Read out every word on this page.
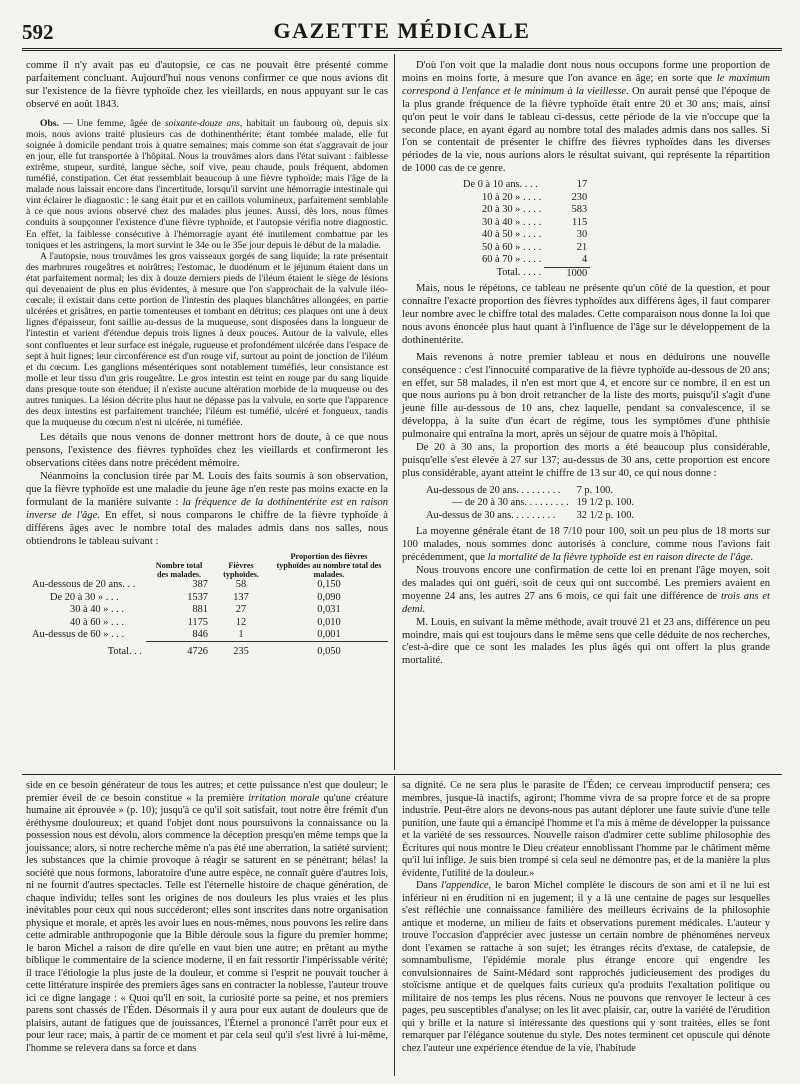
592	GAZETTE MÉDICALE

comme il n'y avait pas eu d'autopsie, ce cas ne pouvait être présenté comme parfaitement concluant. Aujourd'hui nous venons confirmer ce que nous avions dit sur l'existence de la fièvre typhoïde chez les vieillards, en nous appuyant sur le cas observé en août 1843.

Obs. — Une femme, âgée de soixante-douze ans, habitait un faubourg où, depuis six mois, nous avions traité plusieurs cas de dothinenthérite; étant tombée malade, elle fut soignée à domicile pendant trois à quatre semaines; mais comme son état s'aggravait de jour en jour, elle fut transportée à l'hôpital. Nous la trouvâmes alors dans l'état suivant : faiblesse extrême, stupeur, surdité, langue sèche, soif vive, peau chaude, pouls fréquent, abdomen tuméfié, constipation. Cet état ressemblait beaucoup à une fièvre typhoïde; mais l'âge de la malade nous laissait encore dans l'incertitude, lorsqu'il survint une hémorragie intestinale qui vint éclairer le diagnostic : le sang était pur et en caillots volumineux, parfaitement semblable à ce que nous avions observé chez des malades plus jeunes. Aussi, dès lors, nous fûmes conduits à soupçonner l'existence d'une fièvre typhoïde, et l'autopsie vérifia notre diagnostic. En effet, la faiblesse consécutive à l'hémorragie ayant été inutilement combattue par les toniques et les astringens, la mort survint le 34e ou le 35e jour depuis le début de la maladie.

A l'autopsie, nous trouvâmes les gros vaisseaux gorgés de sang liquide; la rate présentait des marbrures rougeâtres et noirâtres; l'estomac, le duodénum et le jéjunum étaient dans un état parfaitement normal; les dix à douze derniers pieds de l'iléum étaient le siège de lésions qui devenaient de plus en plus évidentes, à mesure que l'on s'approchait de la valvule iléo-cœcale; il existait dans cette portion de l'intestin des plaques blanchâtres allongées, en partie ulcérées et grisâtres, en partie tomenteuses et tombant en détritus; ces plaques ont une à deux lignes d'épaisseur, font saillie au-dessus de la muqueuse, sont disposées dans la longueur de l'intestin et varient d'étendue depuis trois lignes à deux pouces. Autour de la valvule, elles sont confluentes et leur surface est inégale, rugueuse et profondément ulcérée dans l'espace de sept à huit lignes; leur circonférence est d'un rouge vif, surtout au point de jonction de l'iléum et du cœcum. Les ganglions mésentériques sont notablement tuméfiés, leur consistance est molle et leur tissu d'un gris rougeâtre. Le gros intestin est teint en rouge par du sang liquide dans presque toute son étendue; il n'existe aucune altération morbide de la muqueuse ou des autres tuniques. La lésion décrite plus haut ne dépasse pas la valvule, en sorte que l'apparence des deux intestins est parfaitement tranchée; l'iléum est tuméfié, ulcéré et fongueux, tandis que la muqueuse du cœcum n'est ni ulcérée, ni tuméfiée.

Les détails que nous venons de donner mettront hors de doute, à ce que nous pensons, l'existence des fièvres typhoïdes chez les vieillards et confirmeront les observations citées dans notre précédent mémoire.

Néanmoins la conclusion tirée par M. Louis des faits soumis à son observation, que la fièvre typhoïde est une maladie du jeune âge n'en reste pas moins exacte en la formulant de la manière suivante : la fréquence de la dothinentérite est en raison inverse de l'âge. En effet, si nous comparons le chiffre de la fièvre typhoïde à différens âges avec le nombre total des malades admis dans nos salles, nous obtiendrons le tableau suivant :

	Nombre total des malades.	Fièvres typhoïdes.	Proportion des fièvres typhoïdes au nombre total des malades.
Au-dessous de 20 ans. . .	387	58	0,150
De 20 à 30 » . . .	1537	137	0,090
30 à 40 » . . .	881	27	0,031
40 à 60 » . . .	1175	12	0,010
Au-dessus de 60 » . . .	846	1	0,001
Total. . .	4726	235	0,050

D'où l'on voit que la maladie dont nous nous occupons forme une proportion de moins en moins forte, à mesure que l'on avance en âge; en sorte que le maximum correspond à l'enfance et le minimum à la vieillesse. On aurait pensé que l'époque de la plus grande fréquence de la fièvre typhoïde était entre 20 et 30 ans; mais, ainsi qu'on peut le voir dans le tableau ci-dessus, cette période de la vie n'occupe que la seconde place, en ayant égard au nombre total des malades admis dans nos salles. Si l'on se contentait de présenter le chiffre des fièvres typhoïdes dans les diverses périodes de la vie, nous aurions alors le résultat suivant, qui représente la répartition de 1000 cas de ce genre.

De 0 à 10 ans. . . .	17
10 à 20 » . . . .	230
20 à 30 » . . . .	583
30 à 40 » . . . .	115
40 à 50 » . . . .	30
50 à 60 » . . . .	21
60 à 70 » . . . .	4
Total. . . . .	1000

Mais, nous le répétons, ce tableau ne présente qu'un côté de la question, et pour connaître l'exacte proportion des fièvres typhoïdes aux différens âges, il faut comparer leur nombre avec le chiffre total des malades. Cette comparaison nous donne la loi que nous avons énoncée plus haut quant à l'influence de l'âge sur le développement de la dothinentérite.

Mais revenons à notre premier tableau et nous en déduirons une nouvelle conséquence : c'est l'innocuité comparative de la fièvre typhoïde au-dessous de 20 ans; en effet, sur 58 malades, il n'en est mort que 4, et encore sur ce nombre, il en est un que nous aurions pu à bon droit retrancher de la liste des morts, puisqu'il s'agit d'une jeune fille au-dessous de 10 ans, chez laquelle, pendant sa convalescence, il se développa, à la suite d'un écart de régime, tous les symptômes d'une phthisie pulmonaire qui entraîna la mort, après un séjour de quatre mois à l'hôpital.

De 20 à 30 ans, la proportion des morts a été beaucoup plus considérable, puisqu'elle s'est élevée à 27 sur 137; au-dessus de 30 ans, cette proportion est encore plus considérable, ayant atteint le chiffre de 13 sur 40, ce qui nous donne :

Au-dessous de 20 ans. . . . . . . . .	7 p. 100.
— de 20 à 30 ans. . . . . . . . .	19 1/2 p. 100.
Au-dessus de 30 ans. . . . . . . . .	32 1/2 p. 100.

La moyenne générale étant de 18 7/10 pour 100, soit un peu plus de 18 morts sur 100 malades, nous sommes donc autorisés à conclure, comme nous l'avions fait précédemment, que la mortalité de la fièvre typhoïde est en raison directe de l'âge.

Nous trouvons encore une confirmation de cette loi en prenant l'âge moyen, soit des malades qui ont guéri, soit de ceux qui ont succombé. Les premiers avaient en moyenne 24 ans, les autres 27 ans 6 mois, ce qui fait une différence de trois ans et demi.

M. Louis, en suivant la même méthode, avait trouvé 21 et 23 ans, différence un peu moindre, mais qui est toujours dans le même sens que celle déduite de nos recherches, c'est-à-dire que ce sont les malades les plus âgés qui ont offert la plus grande mortalité.

side en ce besoin générateur de tous les autres; et cette puissance n'est que douleur; le premier éveil de ce besoin constitue « la première irritation morale qu'une créature humaine ait éprouvée » (p. 10); jusqu'à ce qu'il soit satisfait, tout notre être frémit d'un éréthysme douloureux; et quand l'objet dont nous poursuivons la connaissance ou la possession nous est dévolu, alors commence la déception presqu'en même temps que la jouissance; alors, si notre recherche même n'a pas été une aberration, la satiété survient; les substances que la chimie provoque à réagir se saturent en se pénétrant; hélas! la société que nous formons, laboratoire d'une autre espèce, ne connaît guère d'autres lois, ni ne fournit d'autres spectacles. Telle est l'éternelle histoire de chaque génération, de chaque individu; telles sont les origines de nos douleurs les plus vraies et les plus inévitables pour ceux qui nous succéderont; elles sont inscrites dans notre organisation physique et morale, et après les avoir lues en nous-mêmes, nous pouvons les relire dans cette admirable anthropogonie que la Bible déroule sous la figure du premier homme; le baron Michel a raison de dire qu'elle en vaut bien une autre; en prêtant au mythe biblique le commentaire de la science moderne, il en fait ressortir l'impérissable vérité; il trace l'étiologie la plus juste de la douleur, et comme si l'esprit ne pouvait toucher à cette littérature inspirée des premiers âges sans en contracter la noblesse, l'auteur trouve ici ce digne langage : « Quoi qu'il en soit, la curiosité porte sa peine, et nos premiers parens sont chassés de l'Éden. Désormais il y aura pour eux autant de douleurs que de plaisirs, autant de fatigues que de jouissances, l'Éternel a prononcé l'arrêt pour eux et pour leur race; mais, à partir de ce moment et par cela seul qu'il s'est livré à lui-même, l'homme se relevera dans sa force et dans

sa dignité. Ce ne sera plus le parasite de l'Éden; ce cerveau improductif pensera; ces membres, jusque-là inactifs, agiront; l'homme vivra de sa propre force et de sa propre industrie. Peut-être alors ne devons-nous pas autant déplorer une faute suivie d'une telle punition, une faute qui a émancipé l'homme et l'a mis à même de développer la puissance et la variété de ses ressources. Nouvelle raison d'admirer cette sublime philosophie des Écritures qui nous montre le Dieu créateur ennoblissant l'homme par le châtiment même qu'il lui inflige. Je suis bien trompé si cela seul ne démontre pas, et de la manière la plus évidente, l'utilité de la douleur.»

Dans l'appendice, le baron Michel complète le discours de son ami et il ne lui est inférieur ni en érudition ni en jugement; il y a là une centaine de pages sur lesquelles s'est réfléchie une connaissance familière des meilleurs écrivains de la philosophie antique et moderne, un milieu de faits et observations purement médicales. L'auteur y trouve l'occasion d'apprécier avec justesse un certain nombre de phénomènes nerveux dont l'examen se rattache à son sujet; les étranges récits d'extase, de catalepsie, de somnambulisme, l'épidémie morale plus étrange encore qui engendre les convulsionnaires de Saint-Médard sont rapprochés judicieusement des prodiges du stoïcisme antique et de quelques faits curieux qu'a produits l'exaltation politique ou militaire de nos temps les plus récens. Nous ne pouvons que renvoyer le lecteur à ces pages, peu susceptibles d'analyse; on les lit avec plaisir, car, outre la variété de l'érudition qui y brille et la nature si intéressante des questions qui y sont traitées, elles se font remarquer par l'élégance soutenue du style. Des notes terminent cet opuscule qui dénote chez l'auteur une expérience étendue de la vie, l'habitude
